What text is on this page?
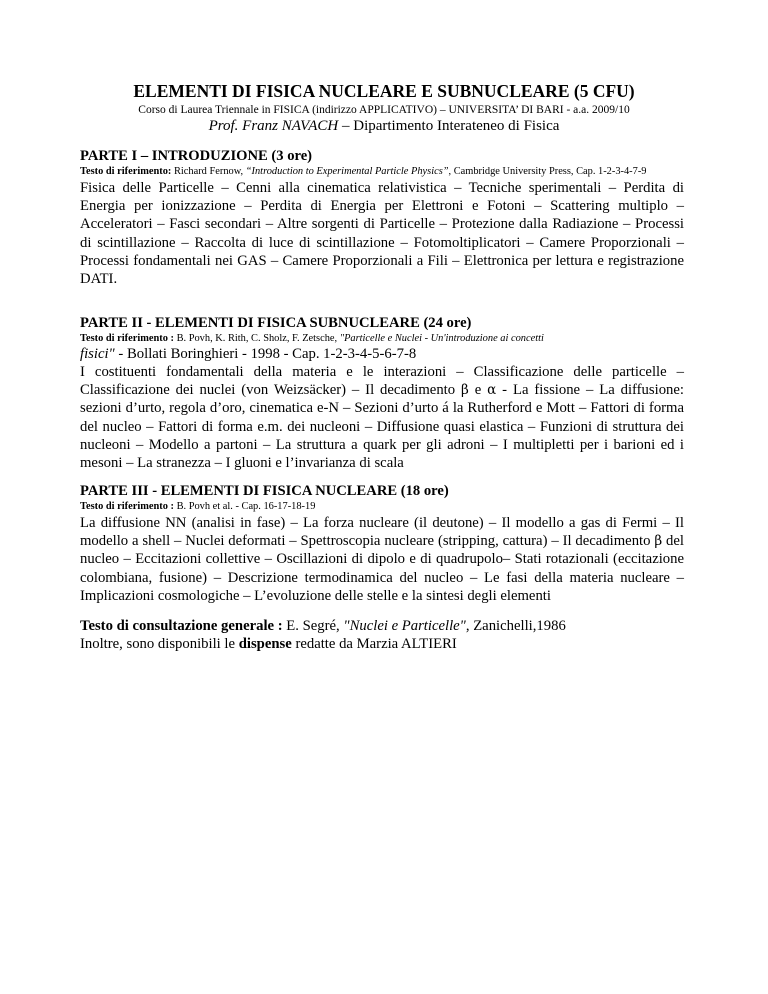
ELEMENTI DI FISICA NUCLEARE E SUBNUCLEARE (5 CFU)
Corso di Laurea Triennale in FISICA (indirizzo APPLICATIVO) – UNIVERSITA’ DI BARI - a.a. 2009/10
Prof. Franz NAVACH – Dipartimento Interateneo di Fisica
PARTE I – INTRODUZIONE (3 ore)
Testo di riferimento: Richard Fernow, “Introduction to Experimental Particle Physics”, Cambridge University Press, Cap. 1-2-3-4-7-9
Fisica delle Particelle – Cenni alla cinematica relativistica – Tecniche sperimentali – Perdita di Energia per ionizzazione – Perdita di Energia per Elettroni e Fotoni – Scattering multiplo – Acceleratori – Fasci secondari – Altre sorgenti di Particelle – Protezione dalla Radiazione – Processi di scintillazione – Raccolta di luce di scintillazione – Fotomoltiplicatori – Camere Proporzionali – Processi fondamentali nei GAS – Camere Proporzionali a Fili – Elettronica per lettura e registrazione DATI.
PARTE II - ELEMENTI DI FISICA SUBNUCLEARE (24 ore)
Testo di riferimento : B. Povh, K. Rith, C. Sholz, F. Zetsche, "Particelle e Nuclei - Un'introduzione ai concetti
fisici" - Bollati Boringhieri - 1998 - Cap. 1-2-3-4-5-6-7-8
I costituenti fondamentali della materia e le interazioni – Classificazione delle particelle – Classificazione dei nuclei (von Weizsäcker) – Il decadimento β e α - La fissione – La diffusione: sezioni d’urto, regola d’oro, cinematica e-N – Sezioni d’urto á la Rutherford e Mott – Fattori di forma del nucleo – Fattori di forma e.m. dei nucleoni – Diffusione quasi elastica – Funzioni di struttura dei nucleoni – Modello a partoni – La struttura a quark per gli adroni – I multipletti per i barioni ed i mesoni – La stranezza – I gluoni e l’invarianza di scala
PARTE III - ELEMENTI DI FISICA NUCLEARE (18 ore)
Testo di riferimento : B. Povh et al. - Cap. 16-17-18-19
La diffusione NN (analisi in fase) – La forza nucleare (il deutone) – Il modello a gas di Fermi – Il modello a shell – Nuclei deformati – Spettroscopia nucleare (stripping, cattura) – Il decadimento β del nucleo – Eccitazioni collettive – Oscillazioni di dipolo e di quadrupolo– Stati rotazionali (eccitazione colombiana, fusione) – Descrizione termodinamica del nucleo – Le fasi della materia nucleare – Implicazioni cosmologiche – L’evoluzione delle stelle e la sintesi degli elementi
Testo di consultazione generale : E. Segré, "Nuclei e Particelle", Zanichelli,1986
Inoltre, sono disponibili le dispense redatte da Marzia ALTIERI
